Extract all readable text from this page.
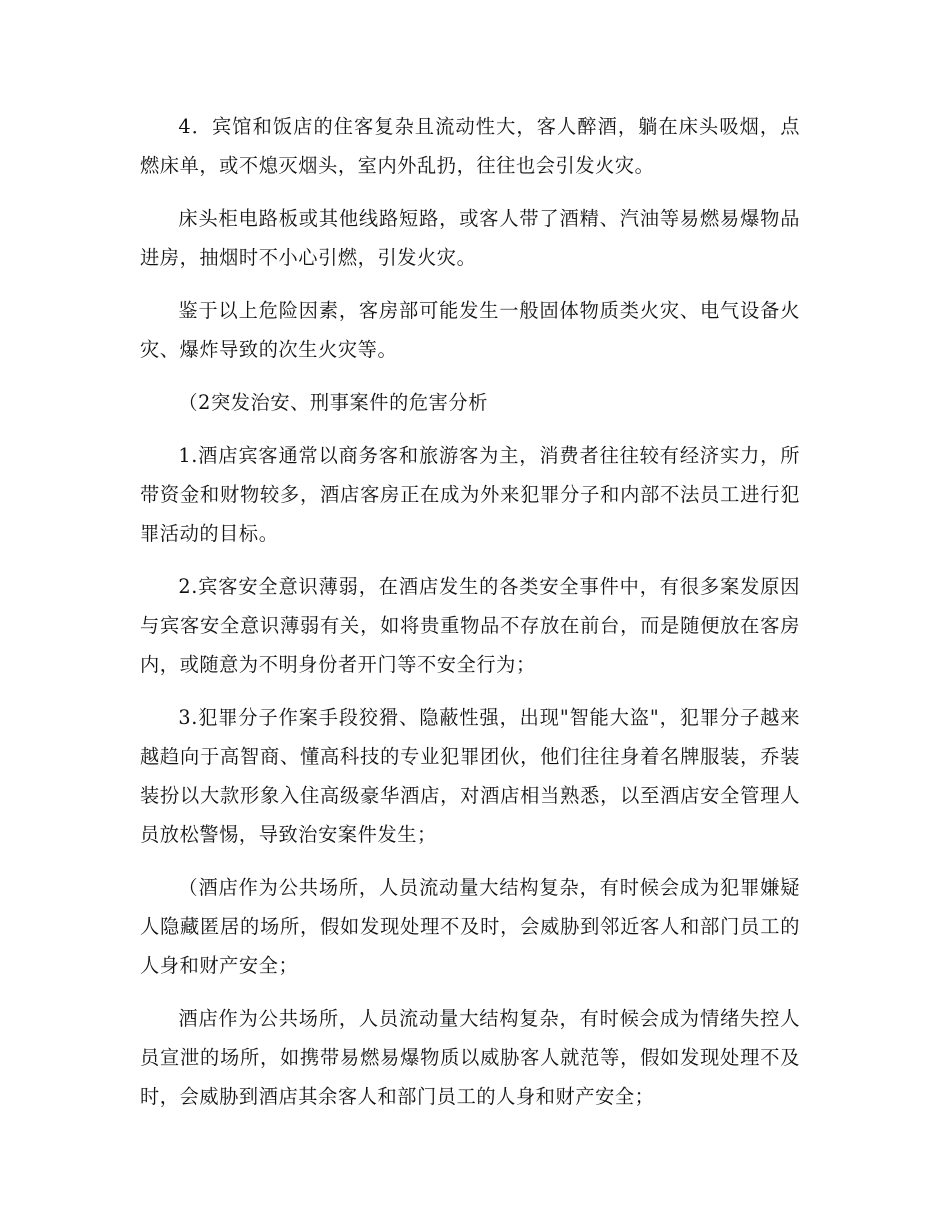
4．宾馆和饭店的住客复杂且流动性大，客人醉酒，躺在床头吸烟，点燃床单，或不熄灭烟头，室内外乱扔，往往也会引发火灾。

床头柜电路板或其他线路短路，或客人带了酒精、汽油等易燃易爆物品进房，抽烟时不小心引燃，引发火灾。

鉴于以上危险因素，客房部可能发生一般固体物质类火灾、电气设备火灾、爆炸导致的次生火灾等。

（2突发治安、刑事案件的危害分析

1.酒店宾客通常以商务客和旅游客为主，消费者往往较有经济实力，所带资金和财物较多，酒店客房正在成为外来犯罪分子和内部不法员工进行犯罪活动的目标。

2.宾客安全意识薄弱，在酒店发生的各类安全事件中，有很多案发原因与宾客安全意识薄弱有关，如将贵重物品不存放在前台，而是随便放在客房内，或随意为不明身份者开门等不安全行为；

3.犯罪分子作案手段狡猾、隐蔽性强，出现"智能大盗"，犯罪分子越来越趋向于高智商、懂高科技的专业犯罪团伙，他们往往身着名牌服装，乔装装扮以大款形象入住高级豪华酒店，对酒店相当熟悉，以至酒店安全管理人员放松警惕，导致治安案件发生；

（酒店作为公共场所，人员流动量大结构复杂，有时候会成为犯罪嫌疑人隐藏匿居的场所，假如发现处理不及时，会威胁到邻近客人和部门员工的人身和财产安全；

酒店作为公共场所，人员流动量大结构复杂，有时候会成为情绪失控人员宣泄的场所，如携带易燃易爆物质以威胁客人就范等，假如发现处理不及时，会威胁到酒店其余客人和部门员工的人身和财产安全；
